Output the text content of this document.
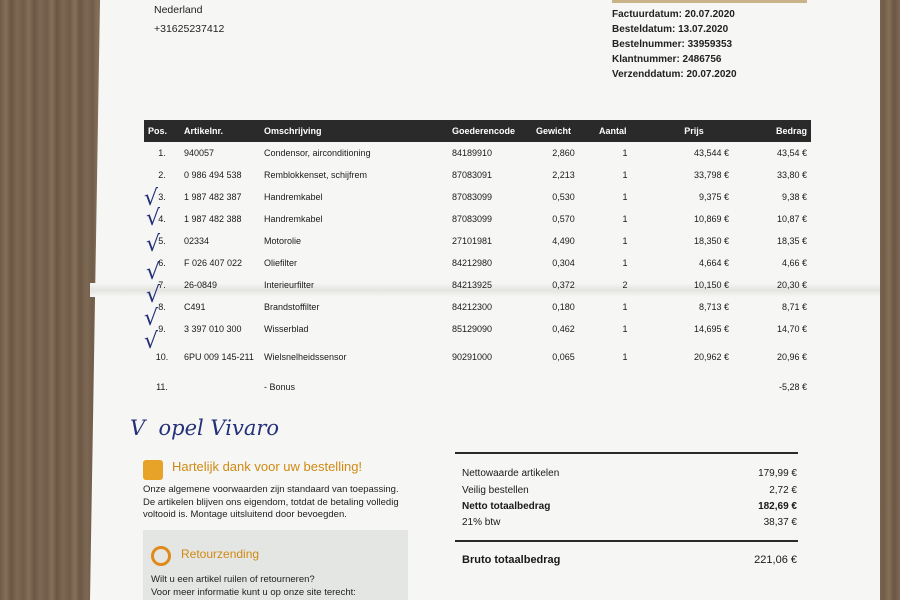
Nederland
+31625237412
Factuurdatum: 20.07.2020
Besteldatum: 13.07.2020
Bestelnummer: 33959353
Klantnummer: 2486756
Verzenddatum: 20.07.2020
Pos.	Artikelnr.	Omschrijving	Goederencode	Gewicht	Aantal	Prijs	Bedrag
1.	940057	Condensor, airconditioning	84189910	2,860	1	43,544 €	43,54 €
2.	0 986 494 538	Remblokkenset, schijfrem	87083091	2,213	1	33,798 €	33,80 €
3.	1 987 482 387	Handremkabel	87083099	0,530	1	9,375 €	9,38 €
4.	1 987 482 388	Handremkabel	87083099	0,570	1	10,869 €	10,87 €
5.	02334	Motorolie	27101981	4,490	1	18,350 €	18,35 €
6.	F 026 407 022	Oliefilter	84212980	0,304	1	4,664 €	4,66 €
7.	26-0849	Interieurfilter	84213925	0,372	2	10,150 €	20,30 €
8.	C491	Brandstoffilter	84212300	0,180	1	8,713 €	8,71 €
9.	3 397 010 300	Wisserblad	85129090	0,462	1	14,695 €	14,70 €
10.	6PU 009 145-211	Wielsnelheidssensor	90291000	0,065	1	20,962 €	20,96 €
11.		- Bonus					-5,28 €
√
√
√
√
√
√
√
V  opel Vivaro
Hartelijk dank voor uw bestelling!
Onze algemene voorwaarden zijn standaard van toepassing. De artikelen blijven ons eigendom, totdat de betaling volledig voltooid is. Montage uitsluitend door bevoegden.
Retourzending
Wilt u een artikel ruilen of retourneren?
Voor meer informatie kunt u op onze site terecht:
Nettowaarde artikelen	179,99 €
Veilig bestellen	2,72 €
Netto totaalbedrag	182,69 €
21% btw	38,37 €
Bruto totaalbedrag	221,06 €
